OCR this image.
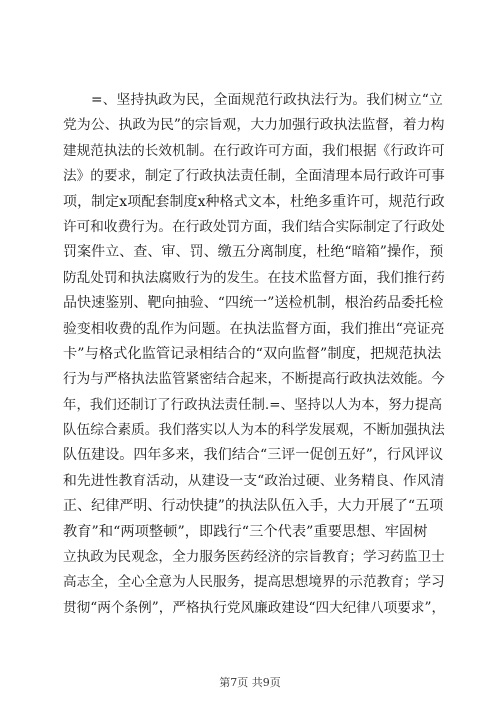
=、坚持执政为民，全面规范行政执法行为。我们树立“立
党为公、执政为民”的宗旨观，大力加强行政执法监督，着力构
建规范执法的长效机制。在行政许可方面，我们根据《行政许可
法》的要求，制定了行政执法责任制，全面清理本局行政许可事
项，制定x项配套制度x种格式文本，杜绝多重许可，规范行政
许可和收费行为。在行政处罚方面，我们结合实际制定了行政处
罚案件立、查、审、罚、缴五分离制度，杜绝“暗箱”操作，预
防乱处罚和执法腐败行为的发生。在技术监督方面，我们推行药
品快速鉴别、靶向抽验、“四统一”送检机制，根治药品委托检
验变相收费的乱作为问题。在执法监督方面，我们推出“亮证亮
卡”与格式化监管记录相结合的“双向监督”制度，把规范执法
行为与严格执法监管紧密结合起来，不断提高行政执法效能。今
年，我们还制订了行政执法责任制.=、坚持以人为本，努力提高
队伍综合素质。我们落实以人为本的科学发展观，不断加强执法
队伍建设。四年多来，我们结合“三评一促创五好”，行风评议
和先进性教育活动，从建设一支“政治过硬、业务精良、作风清
正、纪律严明、行动快捷”的执法队伍入手，大力开展了“五项
教育”和“两项整顿”，即践行“三个代表”重要思想、牢固树
立执政为民观念，全力服务医药经济的宗旨教育；学习药监卫士
高志全，全心全意为人民服务，提高思想境界的示范教育；学习
贯彻“两个条例”，严格执行党风廉政建设“四大纪律八项要求”，
第7页 共9页
